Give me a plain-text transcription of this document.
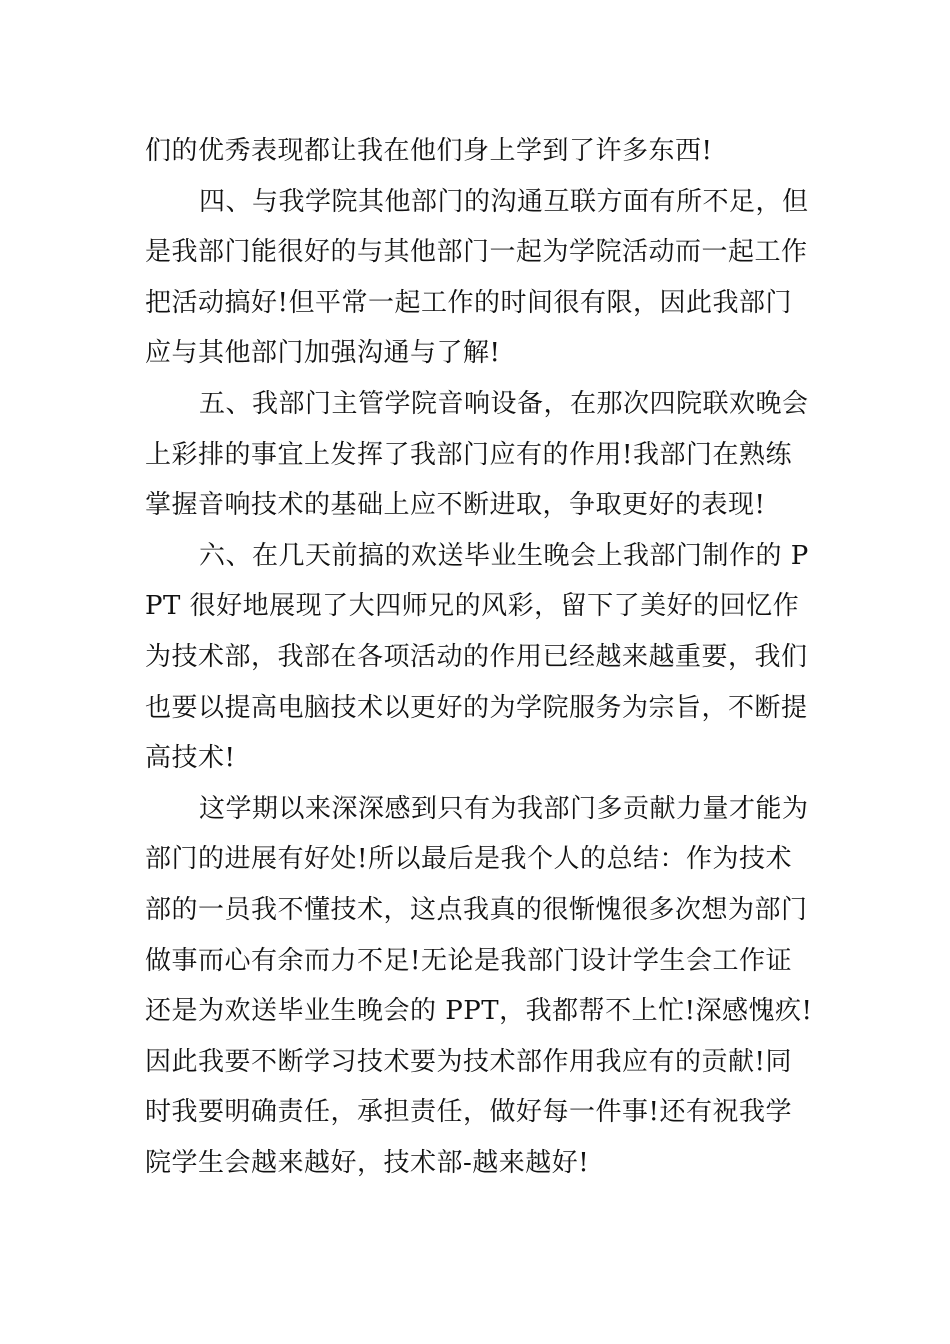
们的优秀表现都让我在他们身上学到了许多东西!

四、与我学院其他部门的沟通互联方面有所不足，但是我部门能很好的与其他部门一起为学院活动而一起工作把活动搞好!但平常一起工作的时间很有限，因此我部门应与其他部门加强沟通与了解!

五、我部门主管学院音响设备，在那次四院联欢晚会上彩排的事宜上发挥了我部门应有的作用!我部门在熟练掌握音响技术的基础上应不断进取，争取更好的表现!

六、在几天前搞的欢送毕业生晚会上我部门制作的 PPT 很好地展现了大四师兄的风彩，留下了美好的回忆作为技术部，我部在各项活动的作用已经越来越重要，我们也要以提高电脑技术以更好的为学院服务为宗旨，不断提高技术!

这学期以来深深感到只有为我部门多贡献力量才能为部门的进展有好处!所以最后是我个人的总结：作为技术部的一员我不懂技术，这点我真的很惭愧很多次想为部门做事而心有余而力不足!无论是我部门设计学生会工作证还是为欢送毕业生晚会的 PPT，我都帮不上忙!深感愧疚!因此我要不断学习技术要为技术部作用我应有的贡献!同时我要明确责任，承担责任，做好每一件事!还有祝我学院学生会越来越好，技术部-越来越好!
